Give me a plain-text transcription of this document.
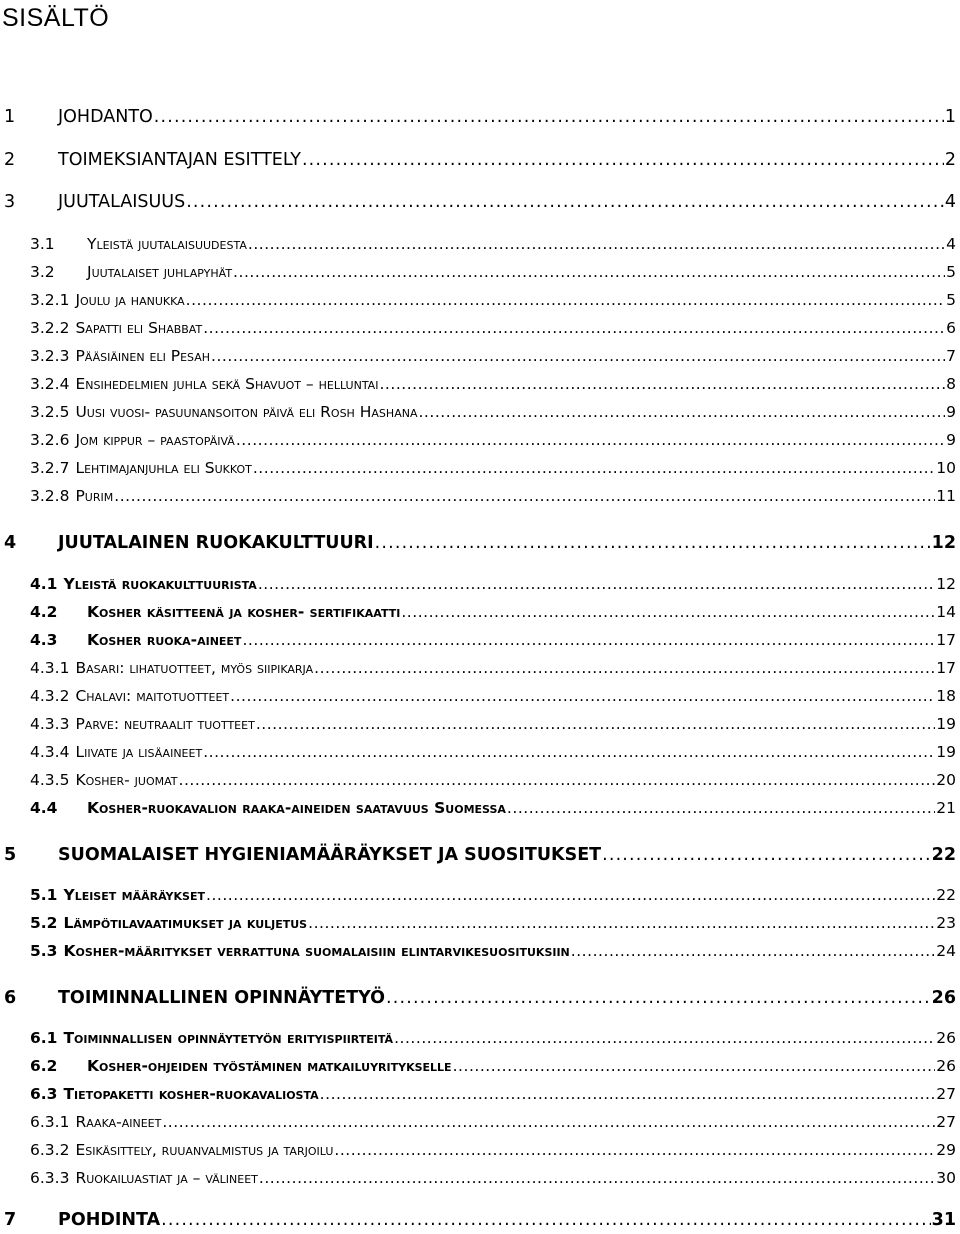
SISÄLTÖ
1	JOHDANTO . . .	1
2	TOIMEKSIANTAJAN ESITTELY . . .	2
3	JUUTALAISUUS . . .	4
3.1	Yleistä juutalaisuudesta . . .	4
3.2	Juutalaiset juhlapyhät . . .	5
3.2.1 Joulu ja hanukka . . .	5
3.2.2 Sapatti eli Shabbat . . .	6
3.2.3 Pääsiäinen eli Pesah . . .	7
3.2.4 Ensihedelmien juhla sekä Shavuot – helluntai . . .	8
3.2.5 Uusi vuosi- pasuunansoiton päivä eli Rosh Hashana . . .	9
3.2.6 Jom kippur – paastopäivä . . .	9
3.2.7 Lehtimajanjuhla eli Sukkot . . .	10
3.2.8 Purim . . .	11
4	JUUTALAINEN RUOKAKULTTUURI . . .	12
4.1 Yleistä ruokakulttuurista . . .	12
4.2	Kosher käsitteenä ja kosher- sertifikaatti . . .	14
4.3	Kosher ruoka-aineet . . .	17
4.3.1 Basari: lihatuotteet, myös siipikarja . . .	17
4.3.2 Chalavi: maitotuotteet . . .	18
4.3.3 Parve: neutraalit tuotteet . . .	19
4.3.4 Liivate ja lisäaineet . . .	19
4.3.5 Kosher- juomat . . .	20
4.4	Kosher-ruokavalion raaka-aineiden saatavuus Suomessa . . .	21
5	SUOMALAISET HYGIENIAMÄÄRÄYKSET JA SUOSITUKSET . . .	22
5.1 Yleiset määräykset . . .	22
5.2 Lämpötilavaatimukset ja kuljetus . . .	23
5.3 Kosher-määritykset verrattuna suomalaisiin elintarvikesuosituksiin . . .	24
6	TOIMINNALLINEN OPINNÄYTETYÖ . . .	26
6.1 Toiminnallisen opinnäytetyön erityispiirteitä . . .	26
6.2	Kosher-ohjeiden työstäminen matkailuyritykselle . . .	26
6.3 Tietopaketti kosher-ruokavaliosta . . .	27
6.3.1 Raaka-aineet . . .	27
6.3.2 Esikäsittely, ruuanvalmistus ja tarjoilu . . .	29
6.3.3 Ruokailuastiat ja – välineet . . .	30
7	POHDINTA . . .	31
